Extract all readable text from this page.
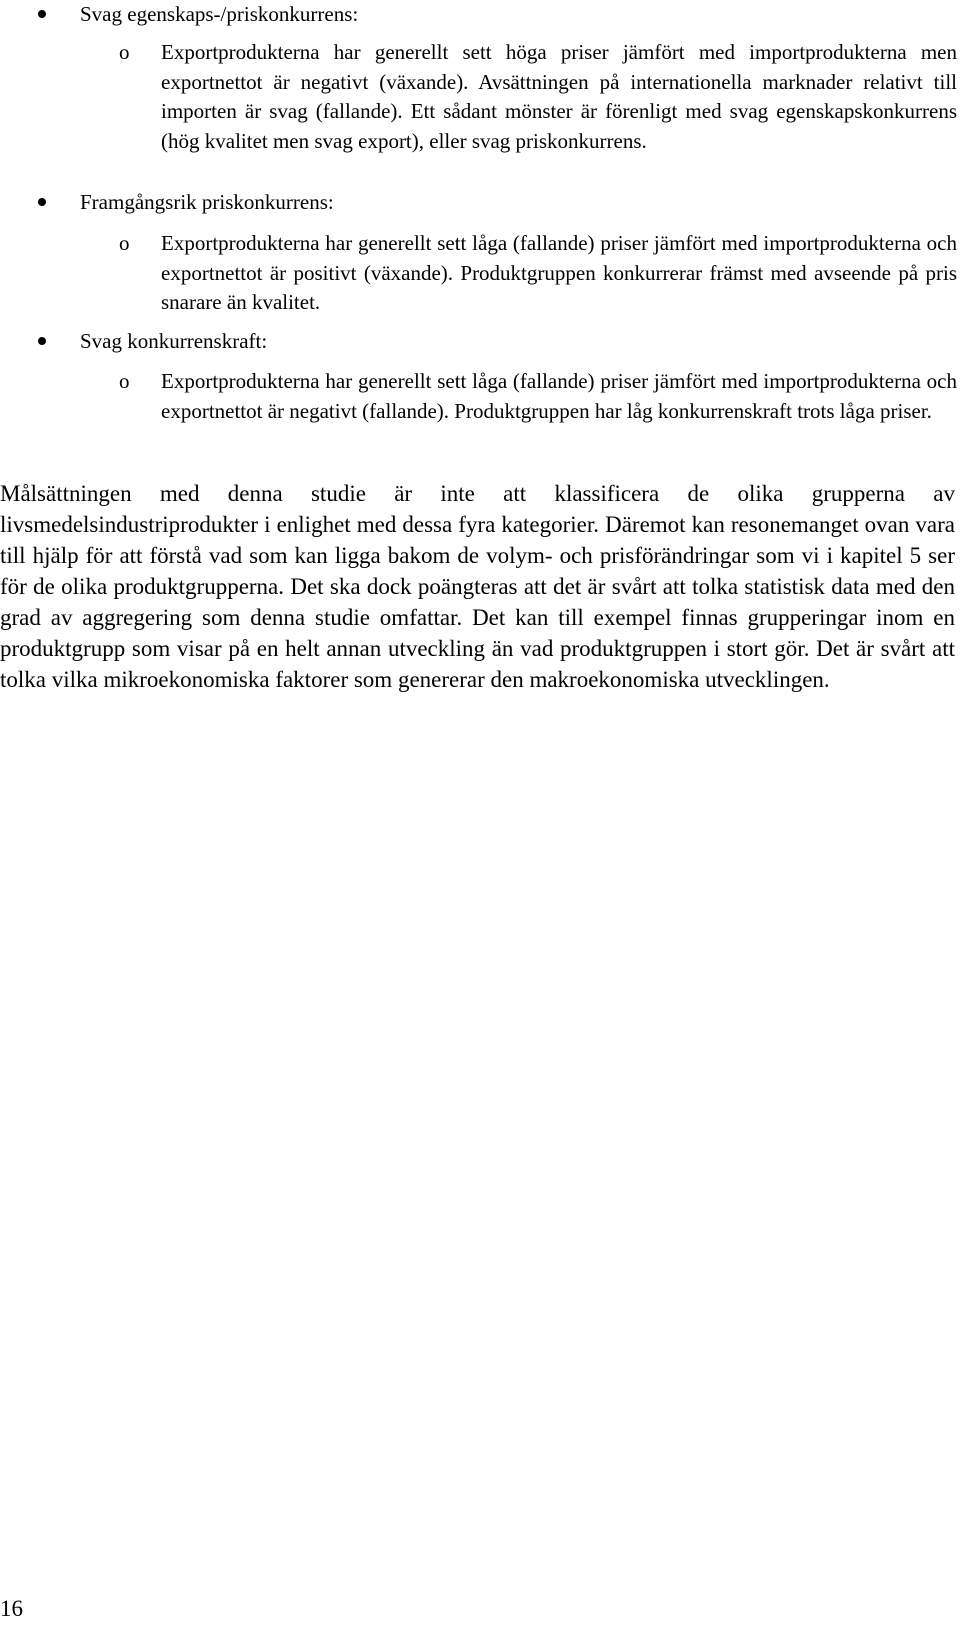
Svag egenskaps-/priskonkurrens:
o Exportprodukterna har generellt sett höga priser jämfört med importprodukterna men exportnettot är negativt (växande). Avsättningen på internationella marknader relativt till importen är svag (fallande). Ett sådant mönster är förenligt med svag egenskapskonkurrens (hög kvalitet men svag export), eller svag priskonkurrens.
Framgångsrik priskonkurrens:
o Exportprodukterna har generellt sett låga (fallande) priser jämfört med importprodukterna och exportnettot är positivt (växande). Produktgruppen konkurrerar främst med avseende på pris snarare än kvalitet.
Svag konkurrenskraft:
o Exportprodukterna har generellt sett låga (fallande) priser jämfört med importprodukterna och exportnettot är negativt (fallande). Produktgruppen har låg konkurrenskraft trots låga priser.
Målsättningen med denna studie är inte att klassificera de olika grupperna av livsmedelsindustriprodukter i enlighet med dessa fyra kategorier. Däremot kan resonemanget ovan vara till hjälp för att förstå vad som kan ligga bakom de volym- och prisförändringar som vi i kapitel 5 ser för de olika produktgrupperna. Det ska dock poängteras att det är svårt att tolka statistisk data med den grad av aggregering som denna studie omfattar. Det kan till exempel finnas grupperingar inom en produktgrupp som visar på en helt annan utveckling än vad produktgruppen i stort gör. Det är svårt att tolka vilka mikroekonomiska faktorer som genererar den makroekonomiska utvecklingen.
16
